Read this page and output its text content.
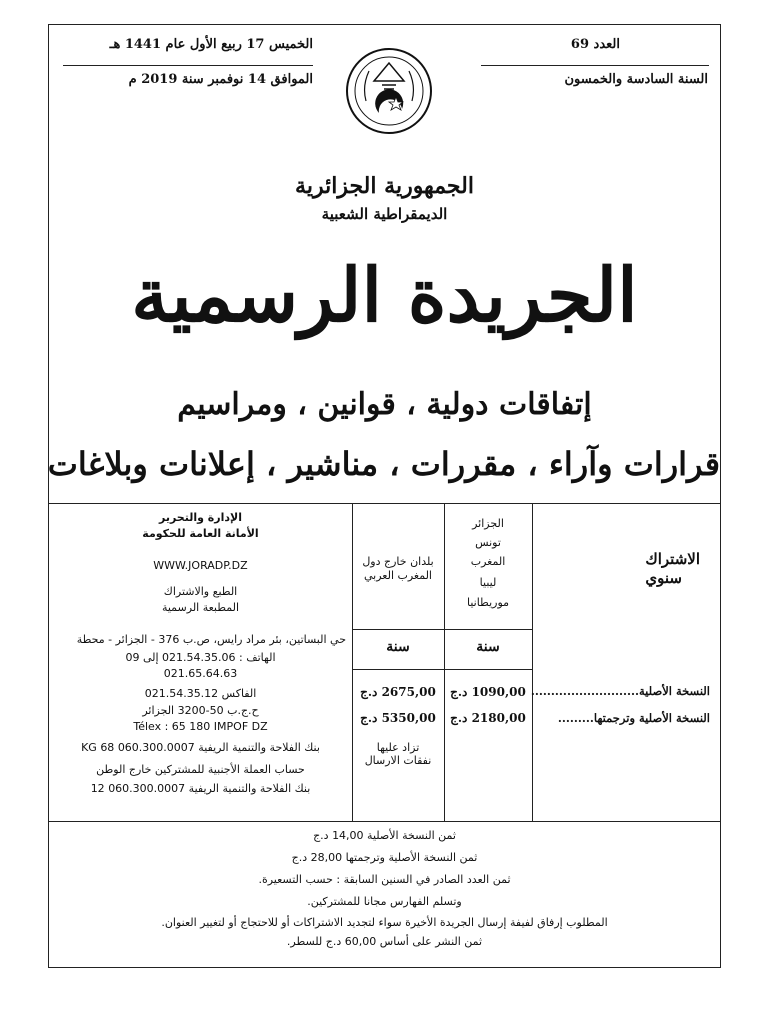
الخميس 17 ربيع الأول عام 1441 هـ
الموافق 14 نوفمبر سنة 2019 م
العدد 69
السنة السادسة والخمسون
الجمهورية الجزائرية
الديمقراطية الشعبية
الجريدة الرسمية
إتفاقات دولية ، قوانين ، ومراسيم
قرارات وآراء ، مقررات ، مناشير ، إعلانات وبلاغات
الاشتراك
سنوي
النسخة الأصلية...........................
النسخة الأصلية وترجمتها.........
الجزائر
تونس
المغرب
ليبيا
موريطانيا
سنة
1090,00 د.ج
2180,00 د.ج
بلدان خارج دول المغرب العربي
سنة
2675,00 د.ج
5350,00 د.ج
تزاد عليها نفقات الارسال
الإدارة والتحرير
الأمانة العامة للحكومة
WWW.JORADP.DZ
الطبع والاشتراك
المطبعة الرسمية
حي البساتين، بئر مراد رايس، ص.ب 376 - الجزائر - محطة
الهاتف : 021.54.35.06 إلى 09
021.65.64.63
الفاكس 021.54.35.12
ح.ج.ب 50-3200 الجزائر
Télex : 65 180 IMPOF DZ
بنك الفلاحة والتنمية الريفية 060.300.0007 68 KG
حساب العملة الأجنبية للمشتركين خارج الوطن
بنك الفلاحة والتنمية الريفية 060.300.0007 12
ثمن النسخة الأصلية 14,00 د.ج
ثمن النسخة الأصلية وترجمتها 28,00 د.ج
ثمن العدد الصادر في السنين السابقة : حسب التسعيرة.
وتسلم الفهارس مجانا للمشتركين.
المطلوب إرفاق لفيفة إرسال الجريدة الأخيرة سواء لتجديد الاشتراكات أو للاحتجاج أو لتغيير العنوان.
ثمن النشر على أساس 60,00 د.ج للسطر.
